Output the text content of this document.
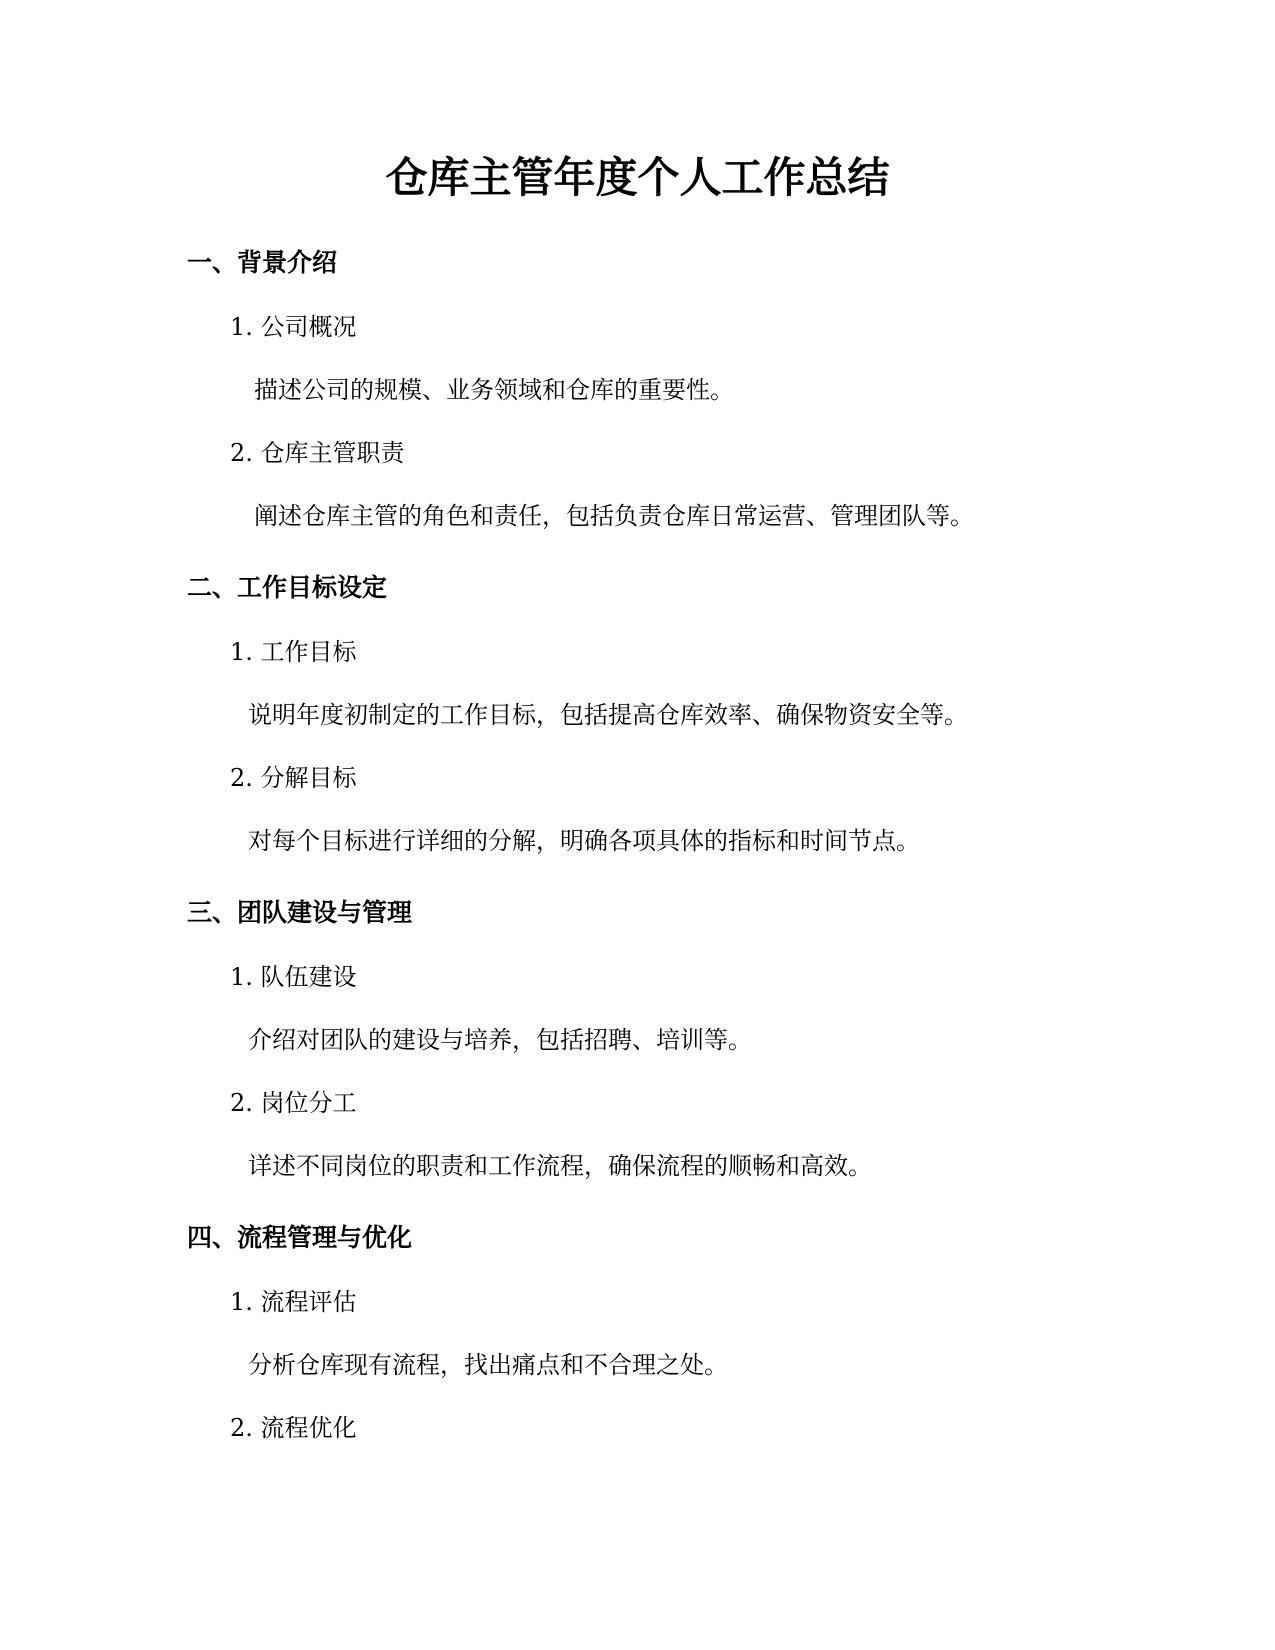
仓库主管年度个人工作总结
一、背景介绍

1. 公司概况

描述公司的规模、业务领域和仓库的重要性。

2. 仓库主管职责

阐述仓库主管的角色和责任，包括负责仓库日常运营、管理团队等。

二、工作目标设定

1. 工作目标

说明年度初制定的工作目标，包括提高仓库效率、确保物资安全等。

2. 分解目标

对每个目标进行详细的分解，明确各项具体的指标和时间节点。

三、团队建设与管理

1. 队伍建设

介绍对团队的建设与培养，包括招聘、培训等。

2. 岗位分工

详述不同岗位的职责和工作流程，确保流程的顺畅和高效。

四、流程管理与优化

1. 流程评估

分析仓库现有流程，找出痛点和不合理之处。

2. 流程优化
